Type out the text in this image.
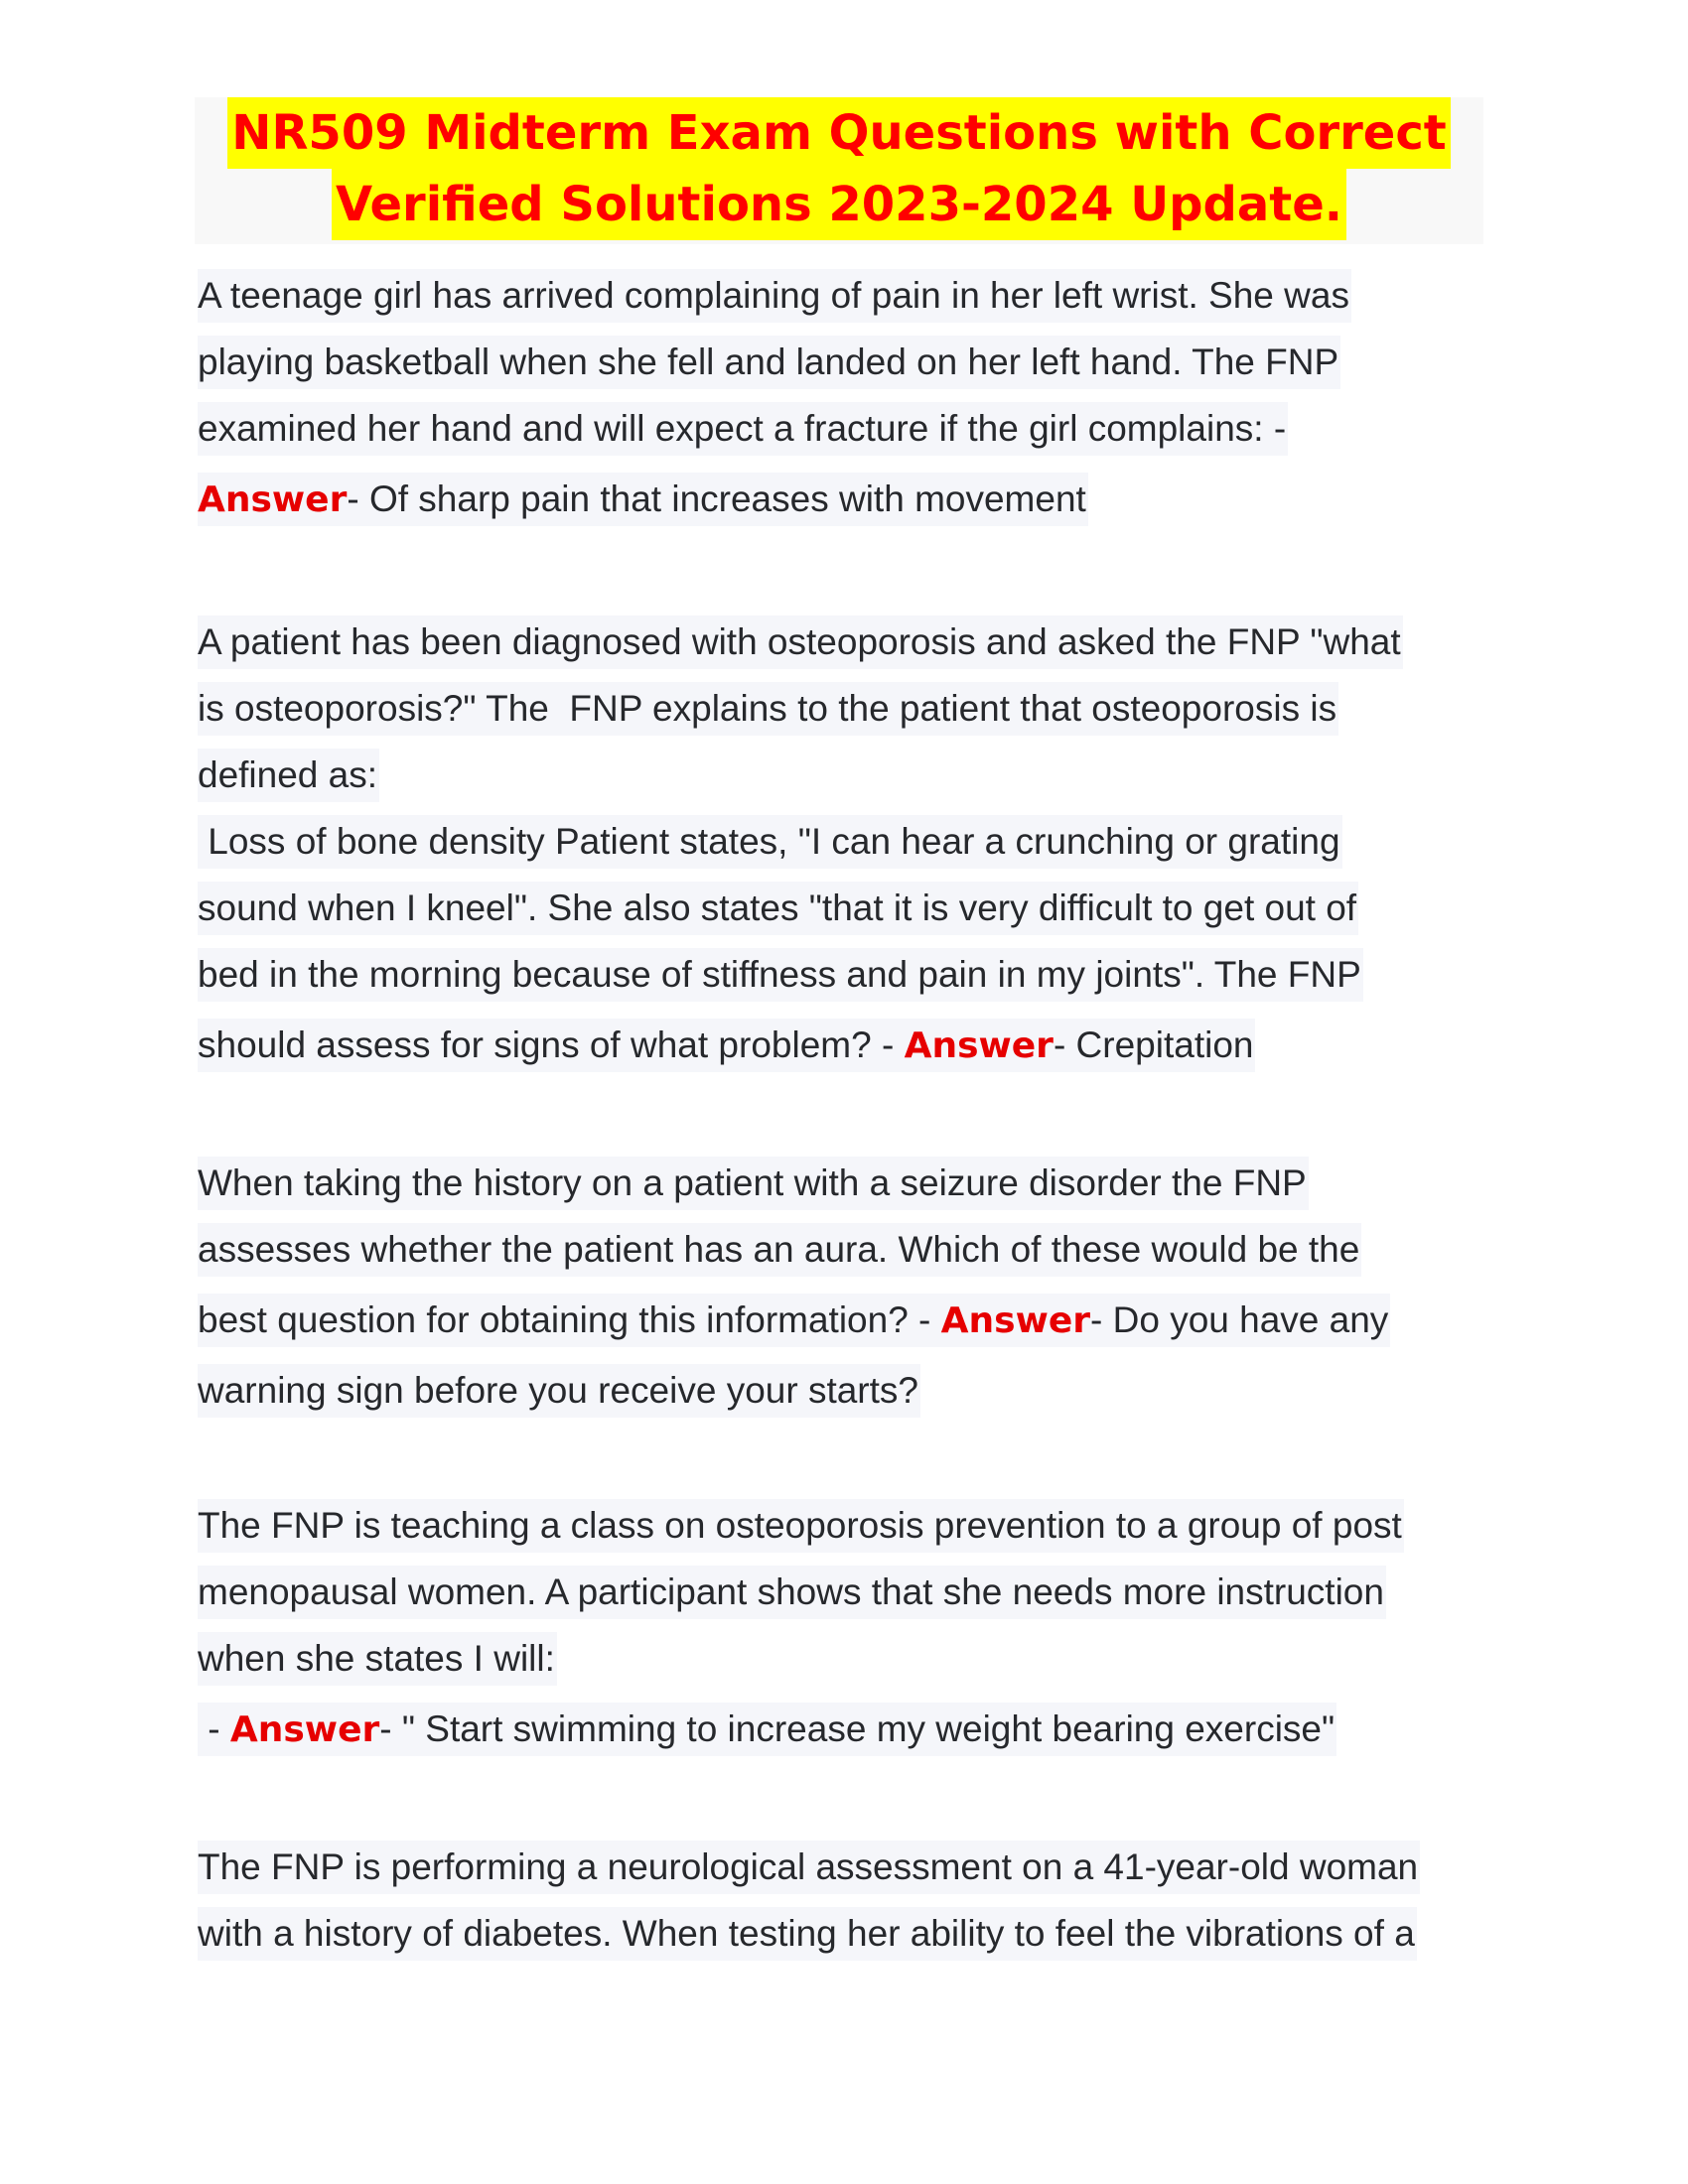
NR509 Midterm Exam Questions with Correct
Verified Solutions 2023-2024 Update.
A teenage girl has arrived complaining of pain in her left wrist. She was
playing basketball when she fell and landed on her left hand. The FNP
examined her hand and will expect a fracture if the girl complains: -
Answer- Of sharp pain that increases with movement
A patient has been diagnosed with osteoporosis and asked the FNP "what
is osteoporosis?" The  FNP explains to the patient that osteoporosis is
defined as:
Loss of bone density Patient states, "I can hear a crunching or grating
sound when I kneel". She also states "that it is very difficult to get out of
bed in the morning because of stiffness and pain in my joints". The FNP
should assess for signs of what problem? - Answer- Crepitation
When taking the history on a patient with a seizure disorder the FNP
assesses whether the patient has an aura. Which of these would be the
best question for obtaining this information? - Answer- Do you have any
warning sign before you receive your starts?
The FNP is teaching a class on osteoporosis prevention to a group of post
menopausal women. A participant shows that she needs more instruction
when she states I will:
- Answer- " Start swimming to increase my weight bearing exercise"
The FNP is performing a neurological assessment on a 41-year-old woman
with a history of diabetes. When testing her ability to feel the vibrations of a
